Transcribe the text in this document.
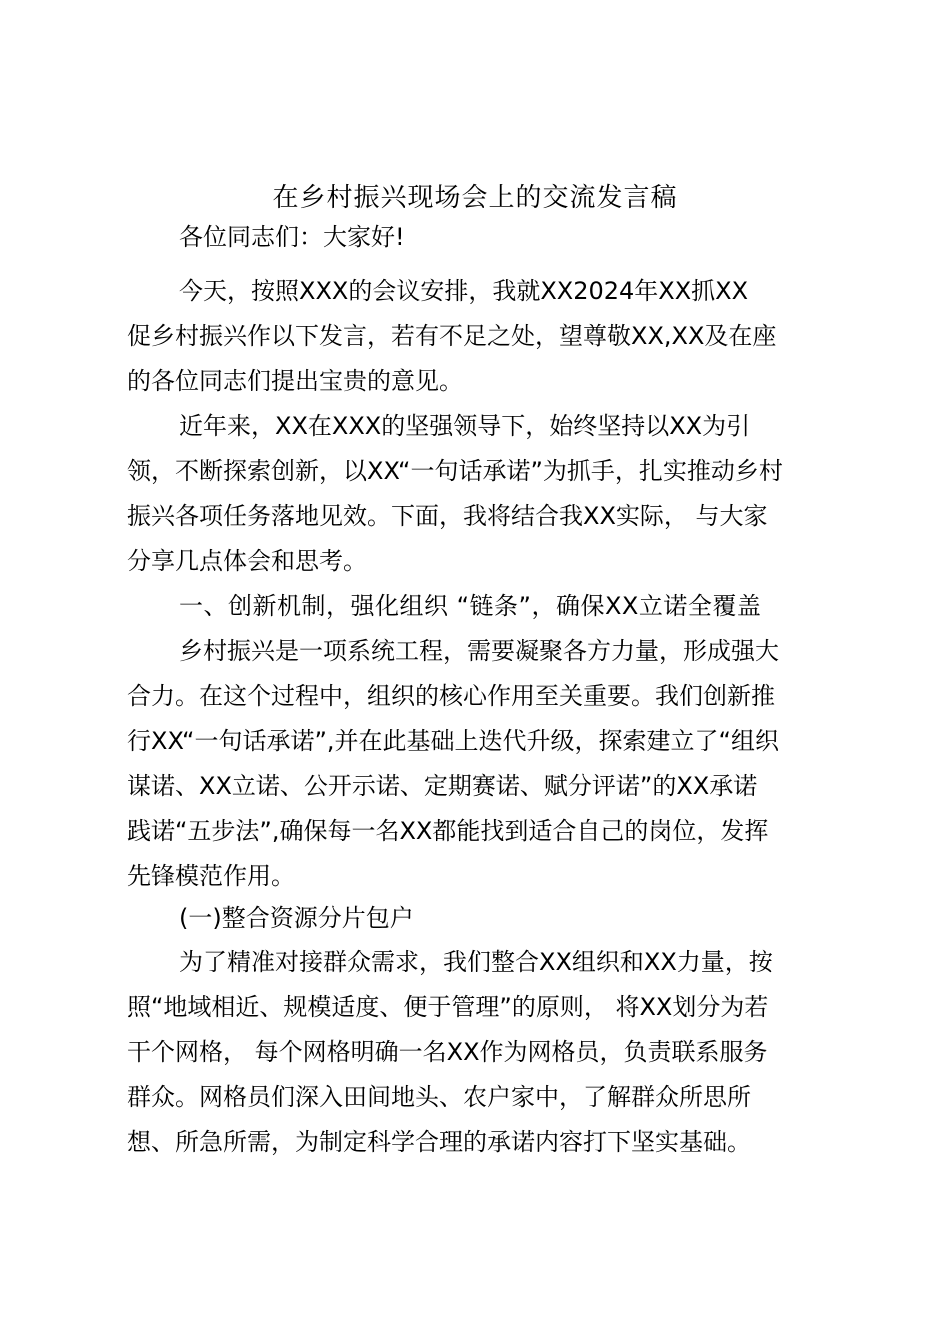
在乡村振兴现场会上的交流发言稿
各位同志们：大家好!
今天，按照XXX的会议安排，我就XX2024年XX抓XX
促乡村振兴作以下发言，若有不足之处，望尊敬XX,XX及在座
的各位同志们提出宝贵的意见。
近年来，XX在XXX的坚强领导下，始终坚持以XX为引
领，不断探索创新，以XX“一句话承诺”为抓手，扎实推动乡村
振兴各项任务落地见效。下面，我将结合我XX实际， 与大家
分享几点体会和思考。
一、创新机制，强化组织 “链条”，确保XX立诺全覆盖
乡村振兴是一项系统工程，需要凝聚各方力量，形成强大
合力。在这个过程中，组织的核心作用至关重要。我们创新推
行XX“一句话承诺”,并在此基础上迭代升级，探索建立了“组织
谋诺、XX立诺、公开示诺、定期赛诺、赋分评诺”的XX承诺
践诺“五步法”,确保每一名XX都能找到适合自己的岗位，发挥
先锋模范作用。
(一)整合资源分片包户
为了精准对接群众需求，我们整合XX组织和XX力量，按
照“地域相近、规模适度、便于管理”的原则， 将XX划分为若
干个网格， 每个网格明确一名XX作为网格员，负责联系服务
群众。网格员们深入田间地头、农户家中，了解群众所思所
想、所急所需，为制定科学合理的承诺内容打下坚实基础。
